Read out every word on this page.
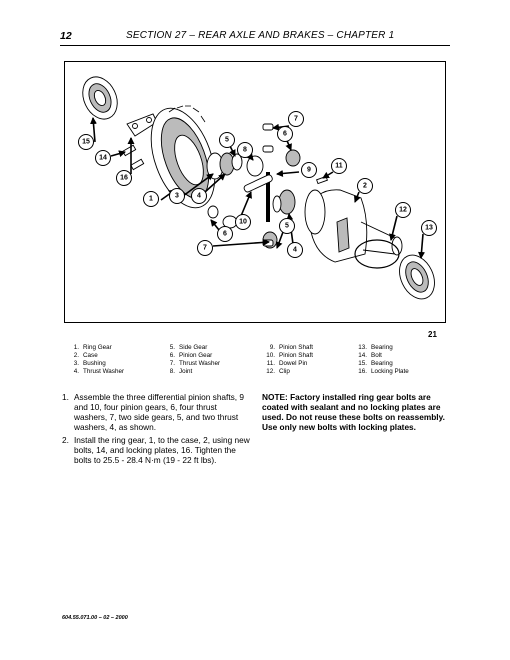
12	SECTION 27 – REAR AXLE AND BRAKES – CHAPTER 1
15
14
16
1	3	4
5
8
7
6
9
11
2
12
13
10
6
5
4
7
21
1. Ring Gear
2. Case
3. Bushing
4. Thrust Washer
5. Side Gear
6. Pinion Gear
7. Thrust Washer
8. Joint
9. Pinion Shaft
10. Pinion Shaft
11. Dowel Pin
12. Clip
13. Bearing
14. Bolt
15. Bearing
16. Locking Plate
1. Assemble the three differential pinion shafts, 9 and 10, four pinion gears, 6, four thrust washers, 7, two side gears, 5, and two thrust washers, 4, as shown.
2. Install the ring gear, 1, to the case, 2, using new bolts, 14, and locking plates, 16. Tighten the bolts to 25.5 - 28.4 N·m (19 - 22 ft lbs).
NOTE: Factory installed ring gear bolts are coated with sealant and no locking plates are used. Do not reuse these bolts on reassembly. Use only new bolts with locking plates.
604.55.071.00 – 02 – 2000
